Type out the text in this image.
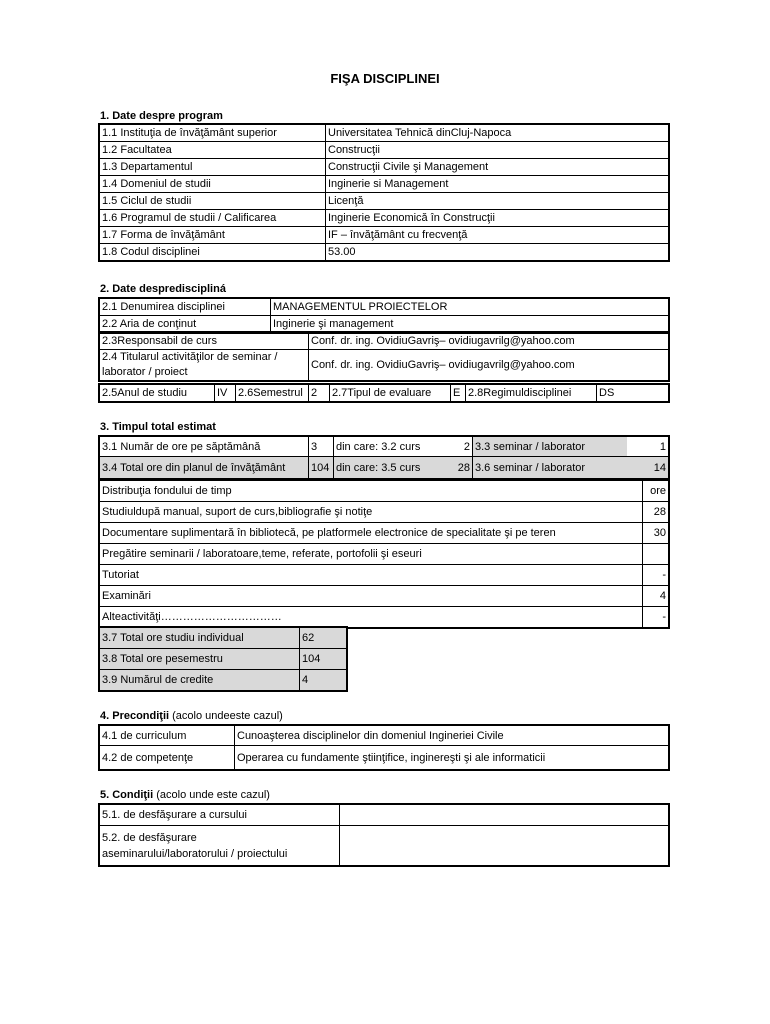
FIŞA DISCIPLINEI
1. Date despre program
1.1 Instituţia de învăţământ superior	Universitatea Tehnică dinCluj-Napoca
1.2 Facultatea	Construcţii
1.3 Departamentul	Construcţii Civile şi Management
1.4 Domeniul de studii	Inginerie si Management
1.5 Ciclul de studii	Licenţă
1.6 Programul de studii / Calificarea	Inginerie Economică în Construcţii
1.7 Forma de învăţământ	IF – învăţământ cu frecvenţă
1.8 Codul disciplinei	53.00
2. Date desprediscipliná
2.1 Denumirea disciplinei	MANAGEMENTUL PROIECTELOR
2.2 Aria de conţinut	Inginerie şi management
2.3Responsabil de curs	Conf. dr. ing. OvidiuGavriş– ovidiugavrilg@yahoo.com

2.4 Titularul activităţilor de seminar /
laborator / proiect	Conf. dr. ing. OvidiuGavriş– ovidiugavrilg@yahoo.com
2.5Anul de studiu	IV	2.6Semestrul	2	2.7Tipul de evaluare	E	2.8Regimuldisciplinei	DS
3. Timpul total estimat
3.1 Număr de ore pe săptămână	3	din care: 3.2 curs	2	3.3 seminar / laborator	1
3.4 Total ore din planul de învăţământ	104	din care: 3.5 curs	28	3.6 seminar / laborator	14
Distribuţia fondului de timp	ore
Studiuldupă manual, suport de curs,bibliografie şi notiţe	28
Documentare suplimentară în bibliotecă, pe platformele electronice de specialitate şi pe teren	30
Pregătire seminarii / laboratoare,teme, referate, portofolii şi eseuri	
Tutoriat	-
Examinări	4
Alteactivităţi……………………………	-
3.7 Total ore studiu individual	62
3.8 Total ore pesemestru	104
3.9 Numărul de credite	4
4. Precondiţii (acolo undeeste cazul)
4.1 de curriculum	Cunoaşterea disciplinelor din domeniul Ingineriei Civile
4.2 de competenţe	Operarea cu fundamente ştiinţifice, inginereşti şi ale informaticii
5. Condiţii (acolo unde este cazul)
5.1. de desfăşurare a cursului	

5.2. de desfăşurare
aseminarului/laboratorului / proiectului	
